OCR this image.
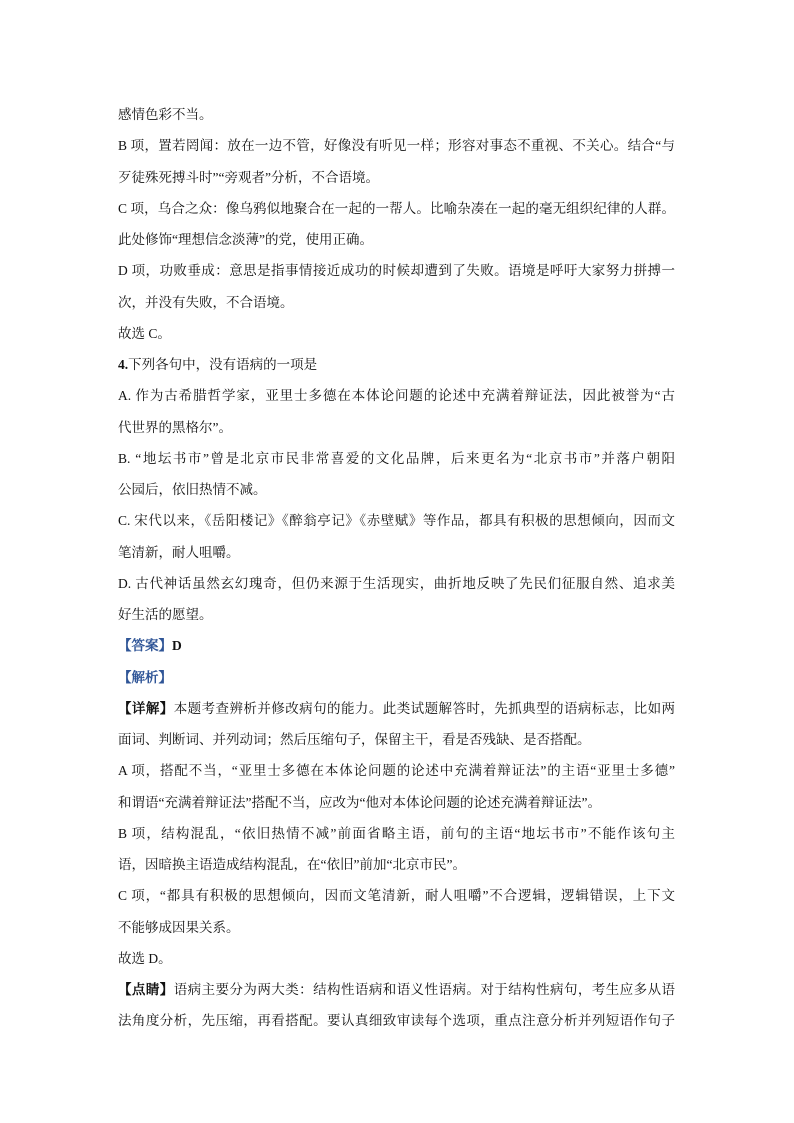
感情色彩不当。
B 项，置若罔闻：放在一边不管，好像没有听见一样；形容对事态不重视、不关心。结合“与
歹徒殊死搏斗时”“旁观者”分析，不合语境。
C 项，乌合之众：像乌鸦似地聚合在一起的一帮人。比喻杂凑在一起的毫无组织纪律的人群。
此处修饰“理想信念淡薄”的党，使用正确。
D 项，功败垂成：意思是指事情接近成功的时候却遭到了失败。语境是呼吁大家努力拼搏一
次，并没有失败，不合语境。
故选 C。
4.下列各句中，没有语病的一项是
A. 作为古希腊哲学家，亚里士多德在本体论问题的论述中充满着辩证法，因此被誉为“古
代世界的黑格尔”。
B. “地坛书市”曾是北京市民非常喜爱的文化品牌，后来更名为“北京书市”并落户朝阳
公园后，依旧热情不减。
C. 宋代以来，《岳阳楼记》《醉翁亭记》《赤壁赋》等作品，都具有积极的思想倾向，因而文
笔清新，耐人咀嚼。
D. 古代神话虽然玄幻瑰奇，但仍来源于生活现实，曲折地反映了先民们征服自然、追求美
好生活的愿望。
【答案】D
【解析】
【详解】本题考查辨析并修改病句的能力。此类试题解答时，先抓典型的语病标志，比如两
面词、判断词、并列动词；然后压缩句子，保留主干，看是否残缺、是否搭配。
A 项，搭配不当，“亚里士多德在本体论问题的论述中充满着辩证法”的主语“亚里士多德”
和谓语“充满着辩证法”搭配不当，应改为“他对本体论问题的论述充满着辩证法”。
B 项，结构混乱，“依旧热情不减”前面省略主语，前句的主语“地坛书市”不能作该句主
语，因暗换主语造成结构混乱，在“依旧”前加“北京市民”。
C 项，“都具有积极的思想倾向，因而文笔清新，耐人咀嚼”不合逻辑，逻辑错误，上下文
不能够成因果关系。
故选 D。
【点睛】语病主要分为两大类：结构性语病和语义性语病。对于结构性病句，考生应多从语
法角度分析，先压缩，再看搭配。要认真细致审读每个选项，重点注意分析并列短语作句子
